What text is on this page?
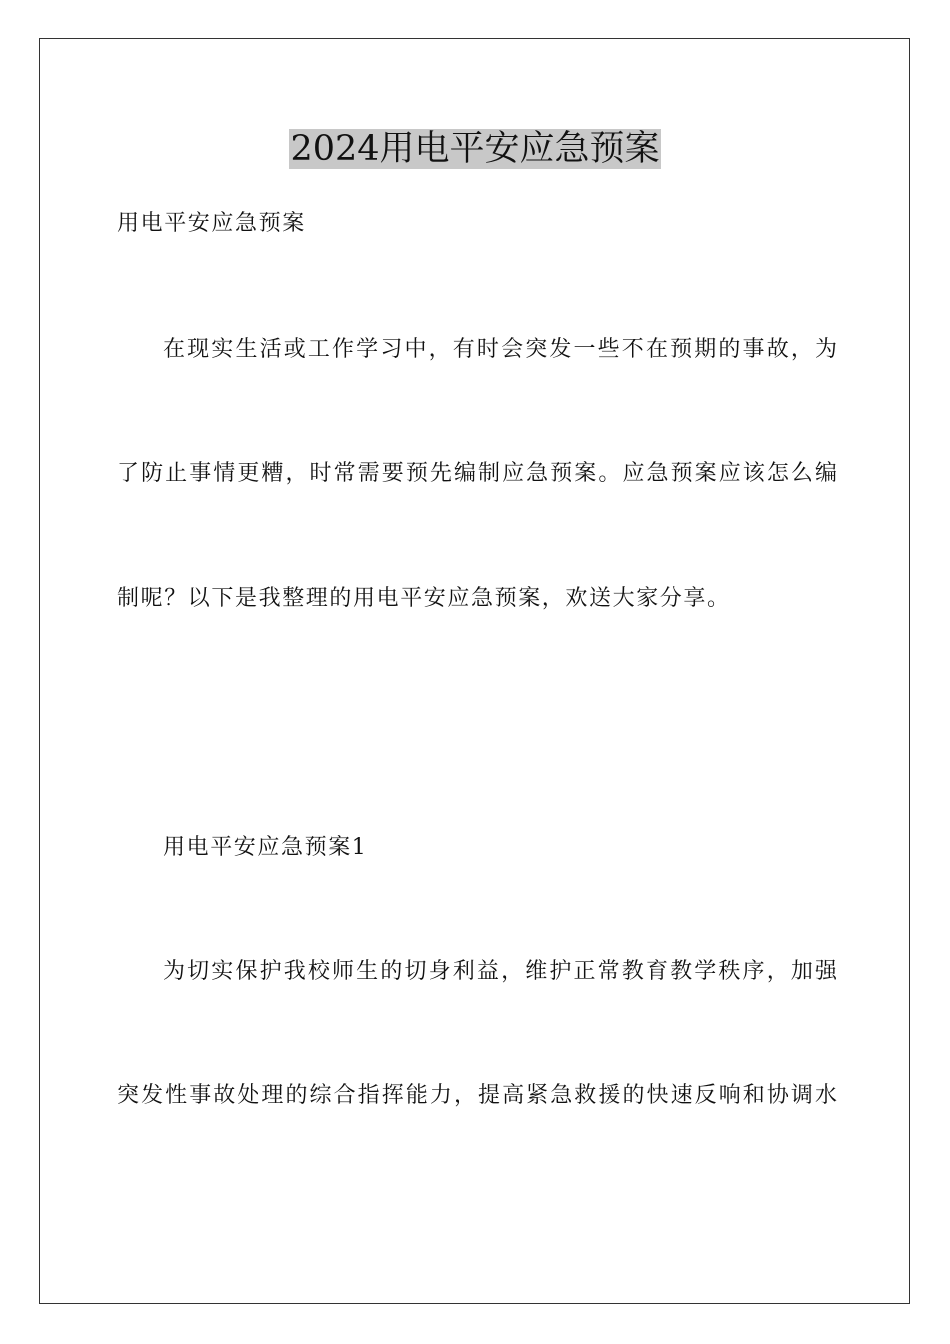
2024用电平安应急预案
用电平安应急预案
在现实生活或工作学习中，有时会突发一些不在预期的事故，为
了防止事情更糟，时常需要预先编制应急预案。应急预案应该怎么编
制呢？以下是我整理的用电平安应急预案，欢送大家分享。
用电平安应急预案1
为切实保护我校师生的切身利益，维护正常教育教学秩序，加强
突发性事故处理的综合指挥能力，提高紧急救援的快速反响和协调水
